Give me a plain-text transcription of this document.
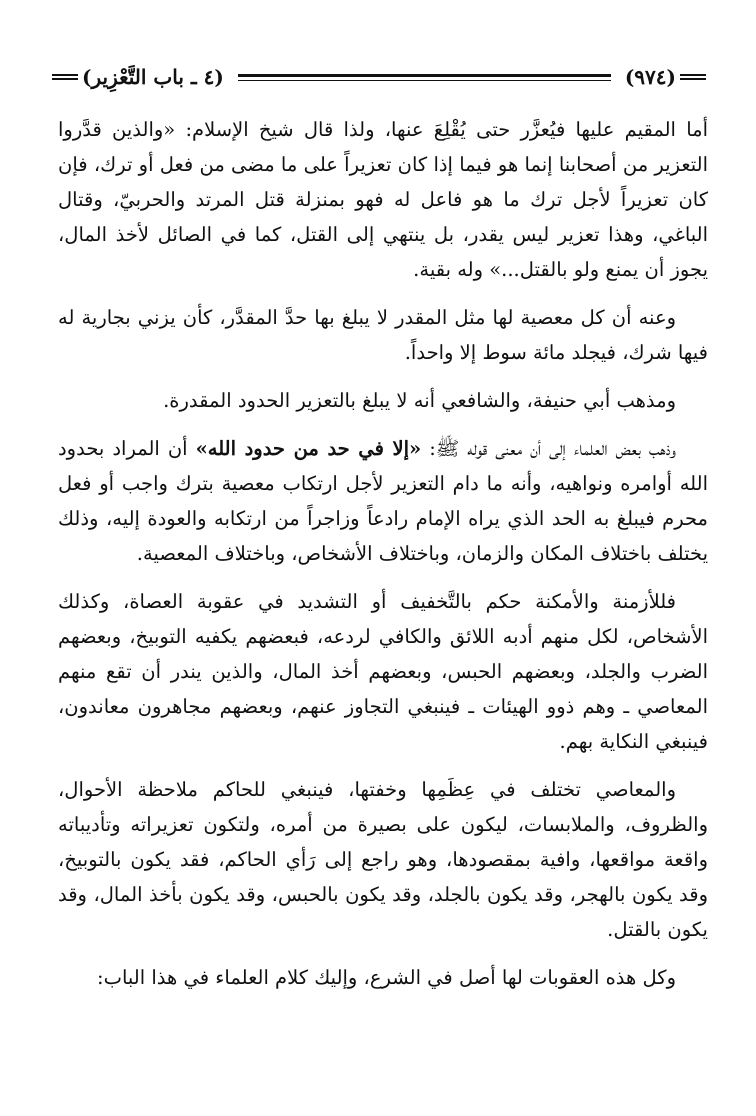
(٩٧٤)
(٤ ـ باب التَّعْزِير)

أما المقيم عليها فيُعزَّر حتى يُقْلِعَ عنها، ولذا قال شيخ الإسلام: «والذين قدَّروا التعزير من أصحابنا إنما هو فيما إذا كان تعزيراً على ما مضى من فعل أو ترك، فإن كان تعزيراً لأجل ترك ما هو فاعل له فهو بمنزلة قتل المرتد والحربيّ، وقتال الباغي، وهذا تعزير ليس يقدر، بل ينتهي إلى القتل، كما في الصائل لأخذ المال، يجوز أن يمنع ولو بالقتل...» وله بقية.

وعنه أن كل معصية لها مثل المقدر لا يبلغ بها حدَّ المقدَّر، كأن يزني بجارية له فيها شرك، فيجلد مائة سوط إلا واحداً.

ومذهب أبي حنيفة، والشافعي أنه لا يبلغ بالتعزير الحدود المقدرة.

وذهب بعض العلماء إلى أن معنى قوله ﷺ: «إلا في حد من حدود الله» أن المراد بحدود الله أوامره ونواهيه، وأنه ما دام التعزير لأجل ارتكاب معصية بترك واجب أو فعل محرم فيبلغ به الحد الذي يراه الإمام رادعاً وزاجراً من ارتكابه والعودة إليه، وذلك يختلف باختلاف المكان والزمان، وباختلاف الأشخاص، وباختلاف المعصية.

فللأزمنة والأمكنة حكم بالتَّخفيف أو التشديد في عقوبة العصاة، وكذلك الأشخاص، لكل منهم أدبه اللائق والكافي لردعه، فبعضهم يكفيه التوبيخ، وبعضهم الضرب والجلد، وبعضهم الحبس، وبعضهم أخذ المال، والذين يندر أن تقع منهم المعاصي ـ وهم ذوو الهيئات ـ فينبغي التجاوز عنهم، وبعضهم مجاهرون معاندون، فينبغي النكاية بهم.

والمعاصي تختلف في عِظَمِها وخفتها، فينبغي للحاكم ملاحظة الأحوال، والظروف، والملابسات، ليكون على بصيرة من أمره، ولتكون تعزيراته وتأديباته واقعة مواقعها، وافية بمقصودها، وهو راجع إلى رَأي الحاكم، فقد يكون بالتوبيخ، وقد يكون بالهجر، وقد يكون بالجلد، وقد يكون بالحبس، وقد يكون بأخذ المال، وقد يكون بالقتل.

وكل هذه العقوبات لها أصل في الشرع، وإليك كلام العلماء في هذا الباب:
